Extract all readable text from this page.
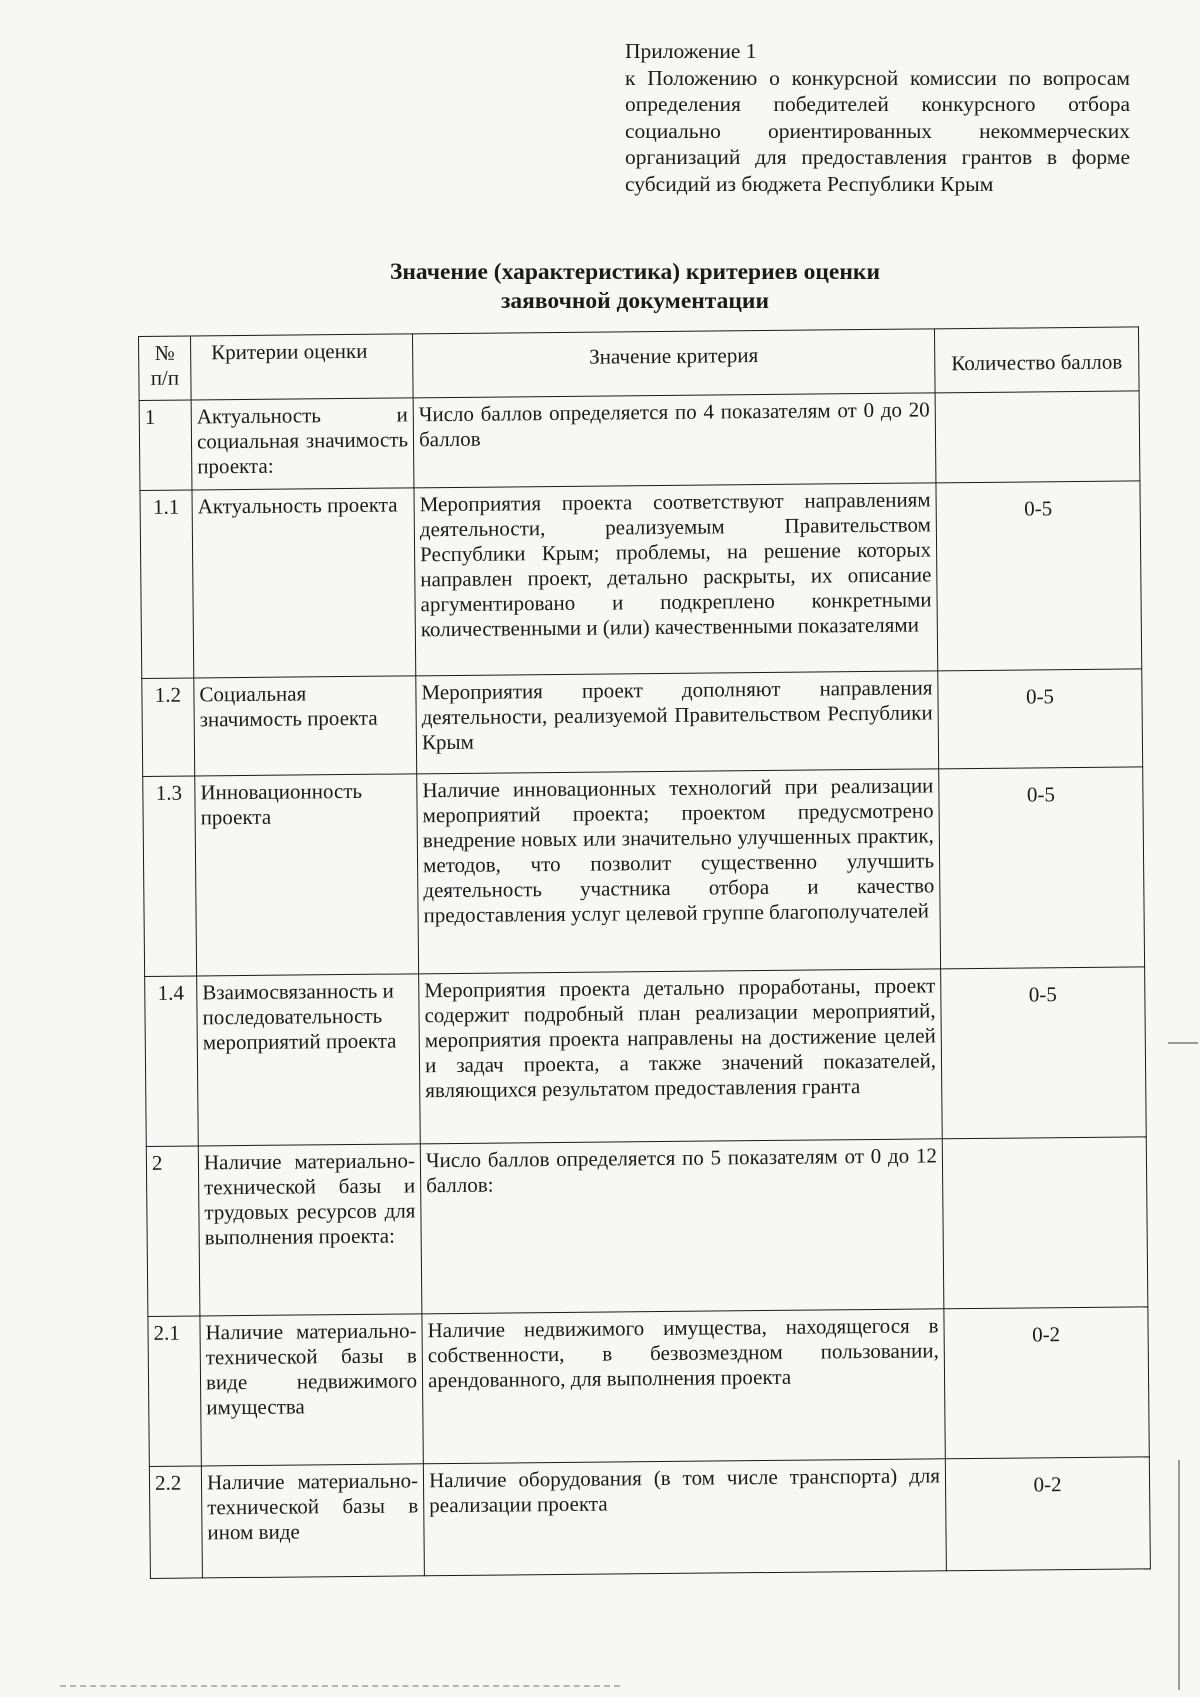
Приложение 1
к Положению о конкурсной комиссии по вопросам определения победителей конкурсного отбора социально ориентированных некоммерческих организаций для предоставления грантов в форме субсидий из бюджета Республики Крым
Значение (характеристика) критериев оценки
заявочной документации
№ п/п	Критерии оценки	Значение критерия	Количество баллов
1	Актуальность и социальная значимость проекта:	Число баллов определяется по 4 показателям от 0 до 20 баллов	
1.1	Актуальность проекта	Мероприятия проекта соответствуют направлениям деятельности, реализуемым Правительством Республики Крым; проблемы, на решение которых направлен проект, детально раскрыты, их описание аргументировано и подкреплено конкретными количественными и (или) качественными показателями	0-5
1.2	Социальная значимость проекта	Мероприятия проект дополняют направления деятельности, реализуемой Правительством Республики Крым	0-5
1.3	Инновационность проекта	Наличие инновационных технологий при реализации мероприятий проекта; проектом предусмотрено внедрение новых или значительно улучшенных практик, методов, что позволит существенно улучшить деятельность участника отбора и качество предоставления услуг целевой группе благополучателей	0-5
1.4	Взаимосвязанность и последовательность мероприятий проекта	Мероприятия проекта детально проработаны, проект содержит подробный план реализации мероприятий, мероприятия проекта направлены на достижение целей и задач проекта, а также значений показателей, являющихся результатом предоставления гранта	0-5
2	Наличие материально-технической базы и трудовых ресурсов для выполнения проекта:	Число баллов определяется по 5 показателям от 0 до 12 баллов:	
2.1	Наличие материально-технической базы в виде недвижимого имущества	Наличие недвижимого имущества, находящегося в собственности, в безвозмездном пользовании, арендованного, для выполнения проекта	0-2
2.2	Наличие материально-технической базы в ином виде	Наличие оборудования (в том числе транспорта) для реализации проекта	0-2
